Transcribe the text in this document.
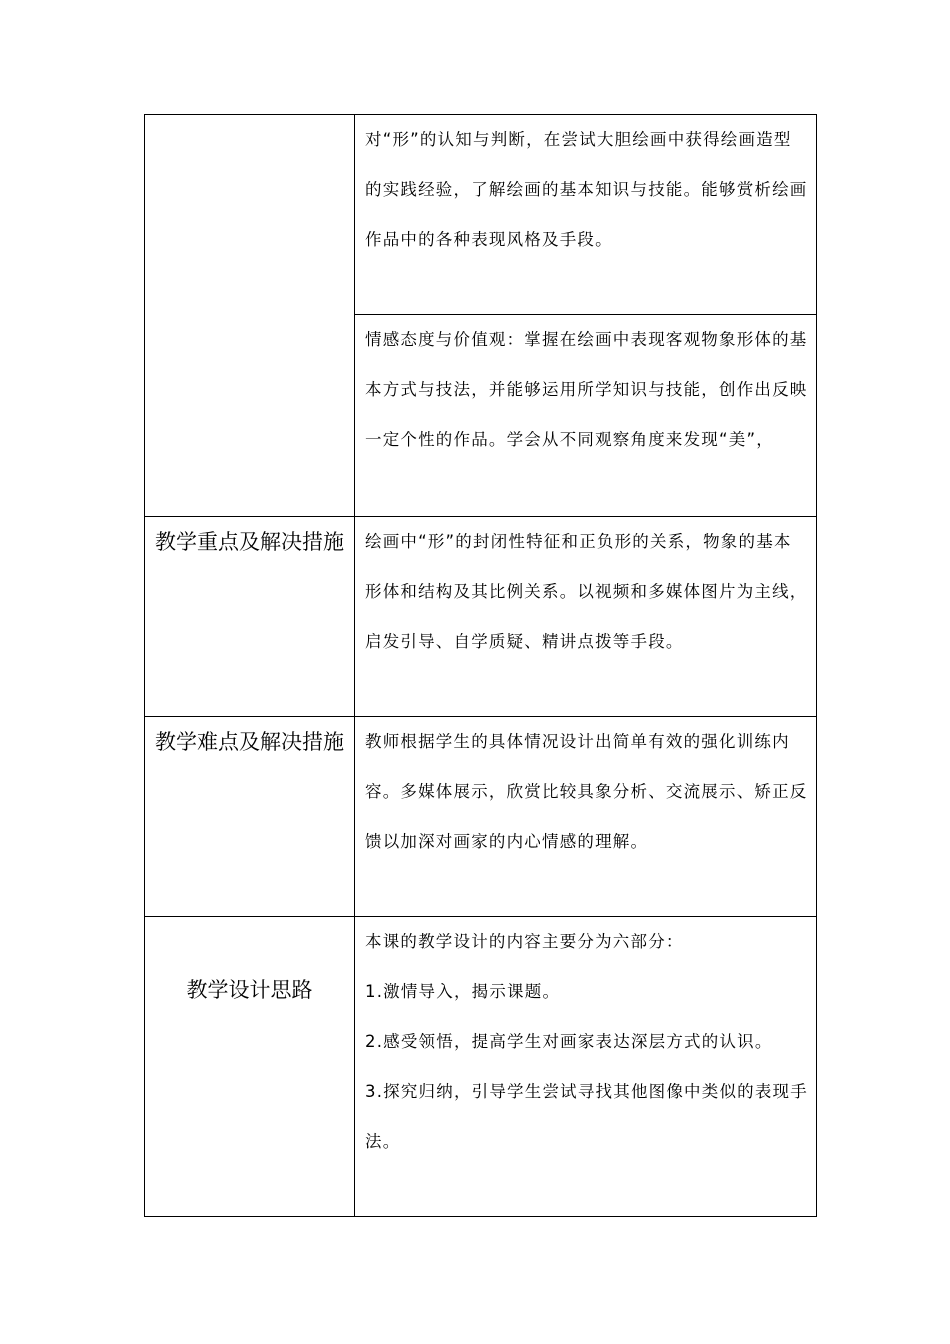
对“形”的认知与判断，在尝试大胆绘画中获得绘画造型的实践经验，了解绘画的基本知识与技能。能够赏析绘画作品中的各种表现风格及手段。

情感态度与价值观：掌握在绘画中表现客观物象形体的基本方式与技法，并能够运用所学知识与技能，创作出反映一定个性的作品。学会从不同观察角度来发现“美”，

教学重点及解决措施	绘画中“形”的封闭性特征和正负形的关系，物象的基本形体和结构及其比例关系。以视频和多媒体图片为主线，启发引导、自学质疑、精讲点拨等手段。

教学难点及解决措施	教师根据学生的具体情况设计出简单有效的强化训练内容。多媒体展示，欣赏比较具象分析、交流展示、矫正反馈以加深对画家的内心情感的理解。

教学设计思路

本课的教学设计的内容主要分为六部分：

1.激情导入，揭示课题。

2.感受领悟，提高学生对画家表达深层方式的认识。

3.探究归纳，引导学生尝试寻找其他图像中类似的表现手法。
